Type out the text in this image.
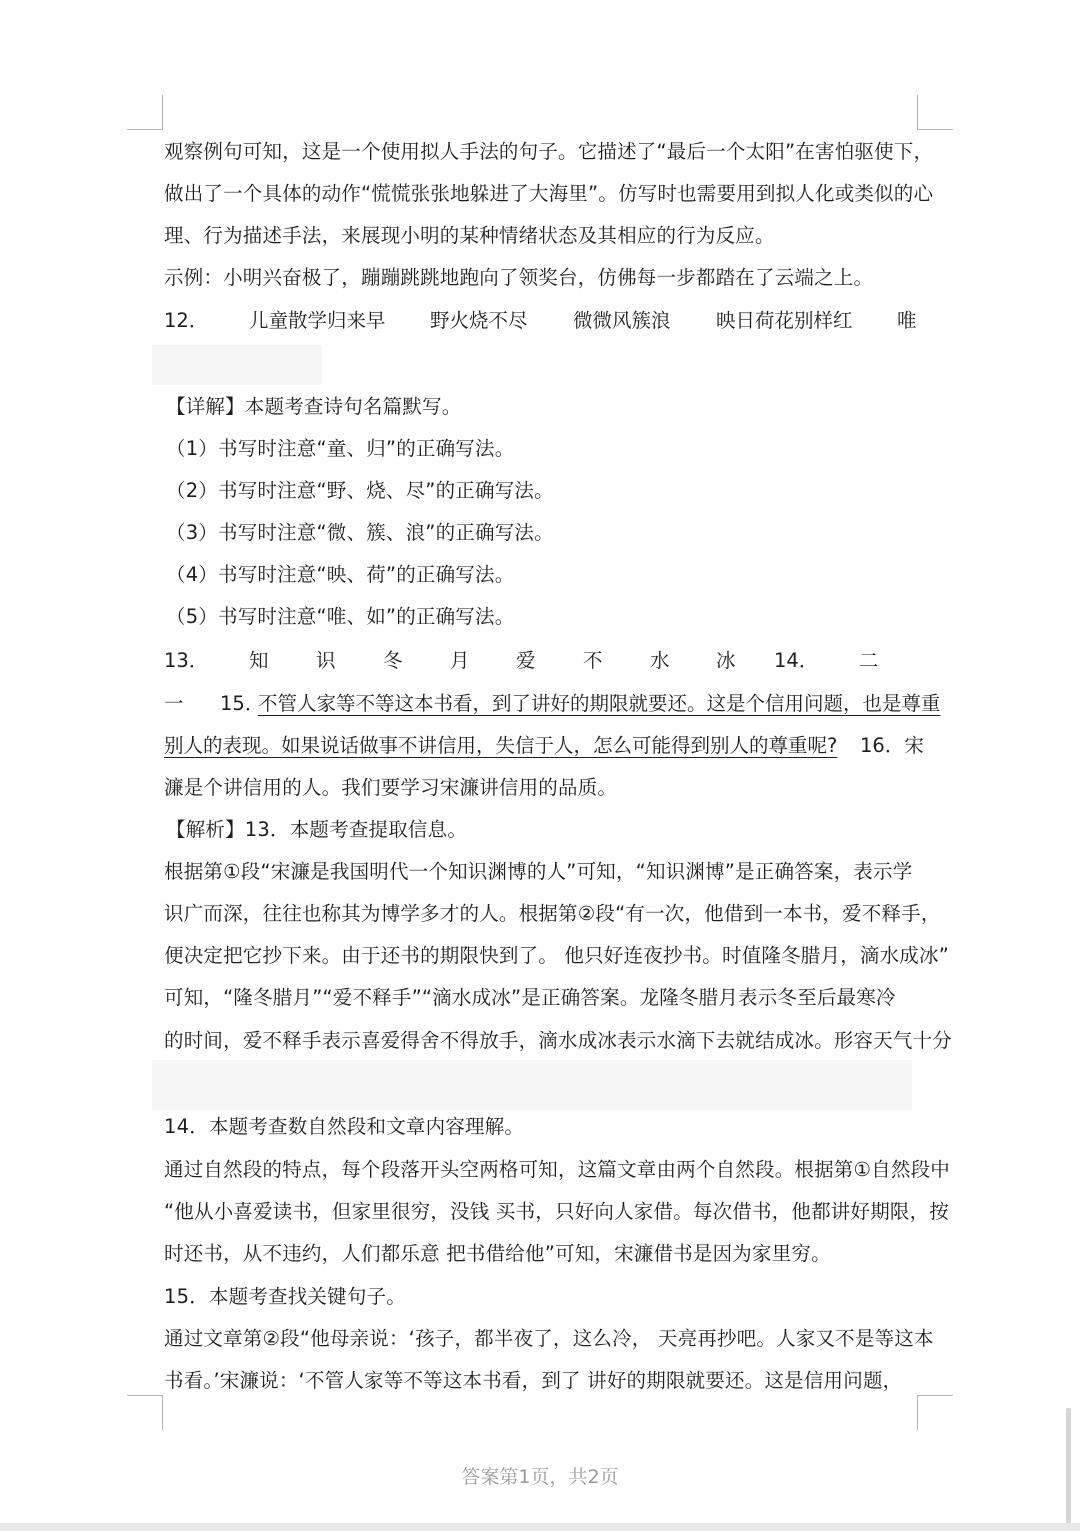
观察例句可知，这是一个使用拟人手法的句子。它描述了“最后一个太阳”在害怕驱使下，
做出了一个具体的动作“慌慌张张地躲进了大海里”。仿写时也需要用到拟人化或类似的心
理、行为描述手法，来展现小明的某种情绪状态及其相应的行为反应。
示例：小明兴奋极了，蹦蹦跳跳地跑向了领奖台，仿佛每一步都踏在了云端之上。
12． 儿童散学归来早 野火烧不尽 微微风簇浪 映日荷花别样红 唯
【详解】本题考查诗句名篇默写。
（1）书写时注意“童、归”的正确写法。
（2）书写时注意“野、烧、尽”的正确写法。
（3）书写时注意“微、簇、浪”的正确写法。
（4）书写时注意“映、荷”的正确写法。
（5）书写时注意“唯、如”的正确写法。
13． 知 识 冬 月 爱 不 水 冰 14． 二
一 15．
不管人家等不等这本书看，到了讲好的期限就要还。这是个信用问题，也是尊重
别人的表现。如果说话做事不讲信用，失信于人，怎么可能得到别人的尊重呢? 16．宋
濂是个讲信用的人。我们要学习宋濂讲信用的品质。
【解析】13．本题考查提取信息。
根据第①段“宋濂是我国明代一个知识渊博的人”可知，“知识渊博”是正确答案，表示学
识广而深，往往也称其为博学多才的人。根据第②段“有一次，他借到一本书，爱不释手，
便决定把它抄下来。由于还书的期限快到了。 他只好连夜抄书。时值隆冬腊月，滴水成冰”
可知，“隆冬腊月”“爱不释手”“滴水成冰”是正确答案。龙隆冬腊月表示冬至后最寒冷
的时间，爱不释手表示喜爱得舍不得放手，滴水成冰表示水滴下去就结成冰。形容天气十分
14．本题考查数自然段和文章内容理解。
通过自然段的特点，每个段落开头空两格可知，这篇文章由两个自然段。根据第①自然段中
“他从小喜爱读书，但家里很穷，没钱 买书，只好向人家借。每次借书，他都讲好期限，按
时还书，从不违约，人们都乐意 把书借给他”可知，宋濂借书是因为家里穷。
15．本题考查找关键句子。
通过文章第②段“他母亲说：‘孩子，都半夜了，这么冷， 天亮再抄吧。人家又不是等这本
书看。’宋濂说：‘不管人家等不等这本书看，到了 讲好的期限就要还。这是信用问题，
答案第1页，共2页
